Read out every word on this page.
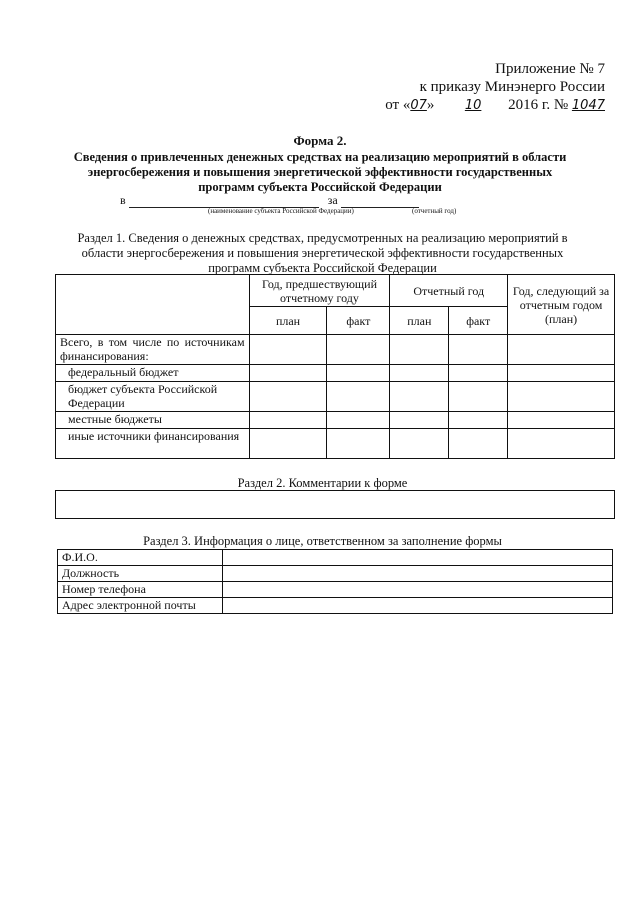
Приложение № 7
к приказу Минэнерго России
от «07» 10 2016 г. № 1047
Форма 2.
Сведения о привлеченных денежных средствах на реализацию мероприятий в области энергосбережения и повышения энергетической эффективности государственных программ субъекта Российской Федерации
в	за
(наименование субъекта Российской Федерации)	(отчетный год)
Раздел 1. Сведения о денежных средствах, предусмотренных на реализацию мероприятий в области энергосбережения и повышения энергетической эффективности государственных программ субъекта Российской Федерации
	Год, предшествующий отчетному году		Отчетный год		Год, следующий за отчетным годом (план)
	план	факт	план	факт	
Всего, в том числе по источникам финансирования:					
федеральный бюджет					
бюджет субъекта Российской Федерации					
местные бюджеты					
иные источники финансирования					
Раздел 2. Комментарии к форме
Раздел 3. Информация о лице, ответственном за заполнение формы
Ф.И.О.	
Должность	
Номер телефона	
Адрес электронной почты	
